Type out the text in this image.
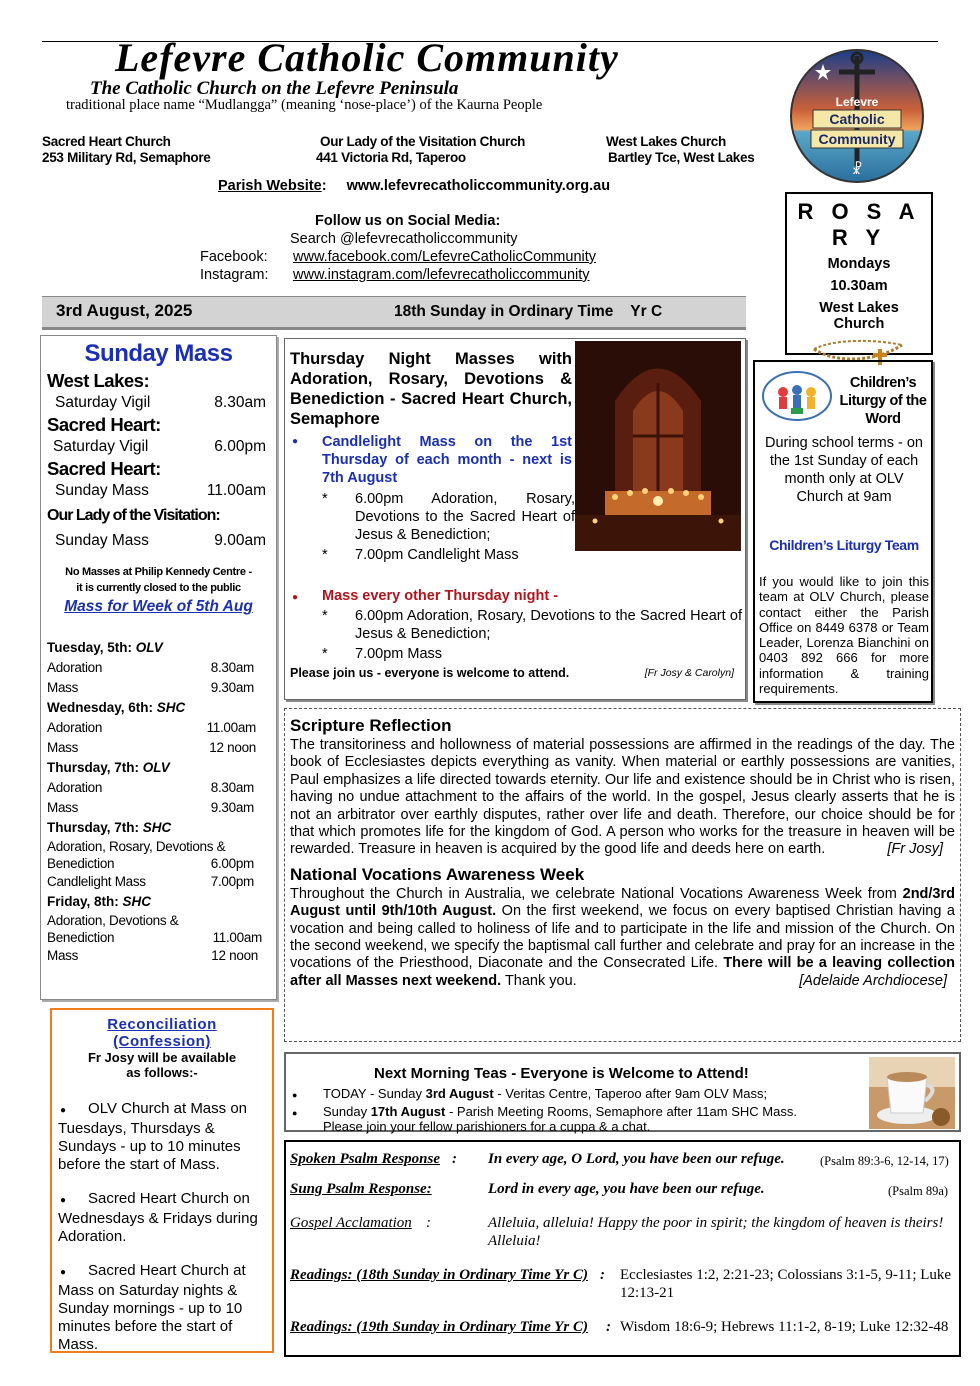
Lefevre Catholic Community
The Catholic Church on the Lefevre Peninsula
traditional place name “Mudlangga” (meaning ‘nose-place’) of the Kaurna People
Sacred Heart Church
253 Military Rd, Semaphore
Our Lady of the Visitation Church
441 Victoria Rd, Taperoo
West Lakes Church
Bartley Tce, West Lakes
Parish Website: www.lefevrecatholiccommunity.org.au
Follow us on Social Media:
Search @lefevrecatholiccommunity
Facebook: www.facebook.com/LefevreCatholicCommunity
Instagram: www.instagram.com/lefevrecatholiccommunity
Lefevre
Catholic
Community
☧
R O S A R Y
Mondays
10.30am
West Lakes
Church
3rd August, 2025	18th Sunday in Ordinary Time    Yr C
Sunday Mass
West Lakes:
Saturday Vigil	8.30am
Sacred Heart:
Saturday Vigil	6.00pm
Sacred Heart:
Sunday Mass	11.00am
Our Lady of the Visitation:
Sunday Mass	9.00am
No Masses at Philip Kennedy Centre -
it is currently closed to the public
Mass for Week of 5th Aug
Tuesday, 5th: OLV
Adoration	8.30am
Mass	9.30am
Wednesday, 6th: SHC
Adoration	11.00am
Mass	12 noon
Thursday, 7th: OLV
Adoration	8.30am
Mass	9.30am
Thursday, 7th: SHC
Adoration, Rosary, Devotions &
Benediction	6.00pm
Candlelight Mass	7.00pm
Friday, 8th: SHC
Adoration, Devotions &
Benediction	11.00am
Mass	12 noon
Reconciliation
(Confession)
Fr Josy will be available
as follows:-
● OLV Church at Mass on Tuesdays, Thursdays & Sundays - up to 10 minutes before the start of Mass.
● Sacred Heart Church on Wednesdays & Fridays during Adoration.
● Sacred Heart Church at Mass on Saturday nights & Sunday mornings - up to 10 minutes before the start of Mass.
Thursday Night Masses with Adoration, Rosary, Devotions & Benediction - Sacred Heart Church, Semaphore
●	Candlelight Mass on the 1st Thursday of each month - next is 7th August
*	6.00pm Adoration, Rosary, Devotions to the Sacred Heart of Jesus & Benediction;
*	7.00pm Candlelight Mass
●	Mass every other Thursday night -
*	6.00pm Adoration, Rosary, Devotions to the Sacred Heart of Jesus & Benediction;
*	7.00pm Mass
Please join us - everyone is welcome to attend.	[Fr Josy & Carolyn]
Children’s Liturgy of the Word
During school terms - on the 1st Sunday of each month only at OLV Church at 9am
Children’s Liturgy Team
If you would like to join this team at OLV Church, please contact either the Parish Office on 8449 6378 or Team Leader, Lorenza Bianchini on 0403 892 666 for more information & training requirements.
Scripture Reflection

The transitoriness and hollowness of material possessions are affirmed in the readings of the day. The book of Ecclesiastes depicts everything as vanity. When material or earthly possessions are vanities, Paul emphasizes a life directed towards eternity. Our life and existence should be in Christ who is risen, having no undue attachment to the affairs of the world. In the gospel, Jesus clearly asserts that he is not an arbitrator over earthly disputes, rather over life and death. Therefore, our choice should be for that which promotes life for the kingdom of God. A person who works for the treasure in heaven will be rewarded. Treasure in heaven is acquired by the good life and deeds here on earth.	[Fr Josy]

National Vocations Awareness Week

Throughout the Church in Australia, we celebrate National Vocations Awareness Week from 2nd/3rd August until 9th/10th August. On the first weekend, we focus on every baptised Christian having a vocation and being called to holiness of life and to participate in the life and mission of the Church. On the second weekend, we specify the baptismal call further and celebrate and pray for an increase in the vocations of the Priesthood, Diaconate and the Consecrated Life. There will be a leaving collection after all Masses next weekend. Thank you.	[Adelaide Archdiocese]

Next Morning Teas - Everyone is Welcome to Attend!
● TODAY - Sunday 3rd August - Veritas Centre, Taperoo after 9am OLV Mass;
● Sunday 17th August - Parish Meeting Rooms, Semaphore after 11am SHC Mass.
Please join your fellow parishioners for a cuppa & a chat.
Spoken Psalm Response : In every age, O Lord, you have been our refuge.	(Psalm 89:3-6, 12-14, 17)
Sung Psalm Response:	Lord in every age, you have been our refuge.	(Psalm 89a)
Gospel Acclamation :	Alleluia, alleluia! Happy the poor in spirit; the kingdom of heaven is theirs! Alleluia!
Readings: (18th Sunday in Ordinary Time Yr C) : Ecclesiastes 1:2, 2:21-23; Colossians 3:1-5, 9-11; Luke 12:13-21
Readings: (19th Sunday in Ordinary Time Yr C) : Wisdom 18:6-9; Hebrews 11:1-2, 8-19; Luke 12:32-48
